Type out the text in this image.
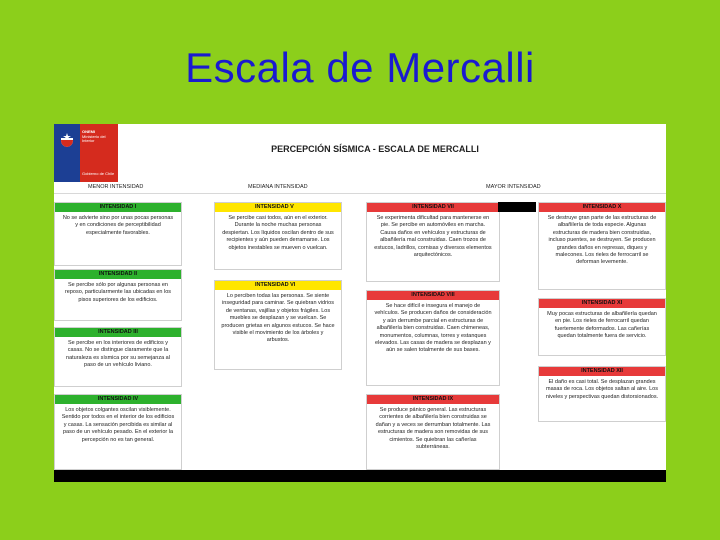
Escala de Mercalli
ONEMI
Ministerio del Interior
Gobierno de Chile
PERCEPCIÓN SÍSMICA - ESCALA DE MERCALLI
MENOR INTENSIDAD	MEDIANA INTENSIDAD	MAYOR INTENSIDAD
INTENSIDAD I
No se advierte sino por unas pocas personas y en condiciones de perceptibilidad especialmente favorables.
INTENSIDAD II
Se percibe sólo por algunas personas en reposo, particularmente las ubicadas en los pisos superiores de los edificios.
INTENSIDAD III
Se percibe en los interiores de edificios y casas. No se distingue claramente que la naturaleza es sísmica por su semejanza al paso de un vehículo liviano.
INTENSIDAD IV
Los objetos colgantes oscilan visiblemente. Sentido por todos en el interior de los edificios y casas. La sensación percibida es similar al paso de un vehículo pesado. En el exterior la percepción no es tan general.
INTENSIDAD V
Se percibe casi todos, aún en el exterior. Durante la noche muchas personas despiertan. Los líquidos oscilan dentro de sus recipientes y aún pueden derramarse. Los objetos inestables se mueven o vuelcan.
INTENSIDAD VI
Lo perciben todas las personas. Se siente inseguridad para caminar. Se quiebran vidrios de ventanas, vajillas y objetos frágiles. Los muebles se desplazan y se vuelcan. Se producen grietas en algunos estucos. Se hace visible el movimiento de los árboles y arbustos.
INTENSIDAD VII
Se experimenta dificultad para mantenerse en pie. Se percibe en automóviles en marcha. Causa daños en vehículos y estructuras de albañilería mal construidas. Caen trozos de estucos, ladrillos, cornisas y diversos elementos arquitectónicos.
INTENSIDAD VIII
Se hace difícil e insegura el manejo de vehículos. Se producen daños de consideración y aún derrumbe parcial en estructuras de albañilería bien construidas. Caen chimeneas, monumentos, columnas, torres y estanques elevados. Las casas de madera se desplazan y aún se salen totalmente de sus bases.
INTENSIDAD IX
Se produce pánico general. Las estructuras corrientes de albañilería bien construidas se dañan y a veces se derrumban totalmente. Las estructuras de madera son removidas de sus cimientos. Se quiebran las cañerías subterráneas.
INTENSIDAD X
Se destruye gran parte de las estructuras de albañilería de toda especie. Algunas estructuras de madera bien construidas, incluso puentes, se destruyen. Se producen grandes daños en represas, diques y malecones. Los rieles de ferrocarril se deforman levemente.
INTENSIDAD XI
Muy pocas estructuras de albañilería quedan en pie. Los rieles de ferrocarril quedan fuertemente deformados. Las cañerías quedan totalmente fuera de servicio.
INTENSIDAD XII
El daño es casi total. Se desplazan grandes masas de roca. Los objetos saltan al aire. Los niveles y perspectivas quedan distorsionados.
